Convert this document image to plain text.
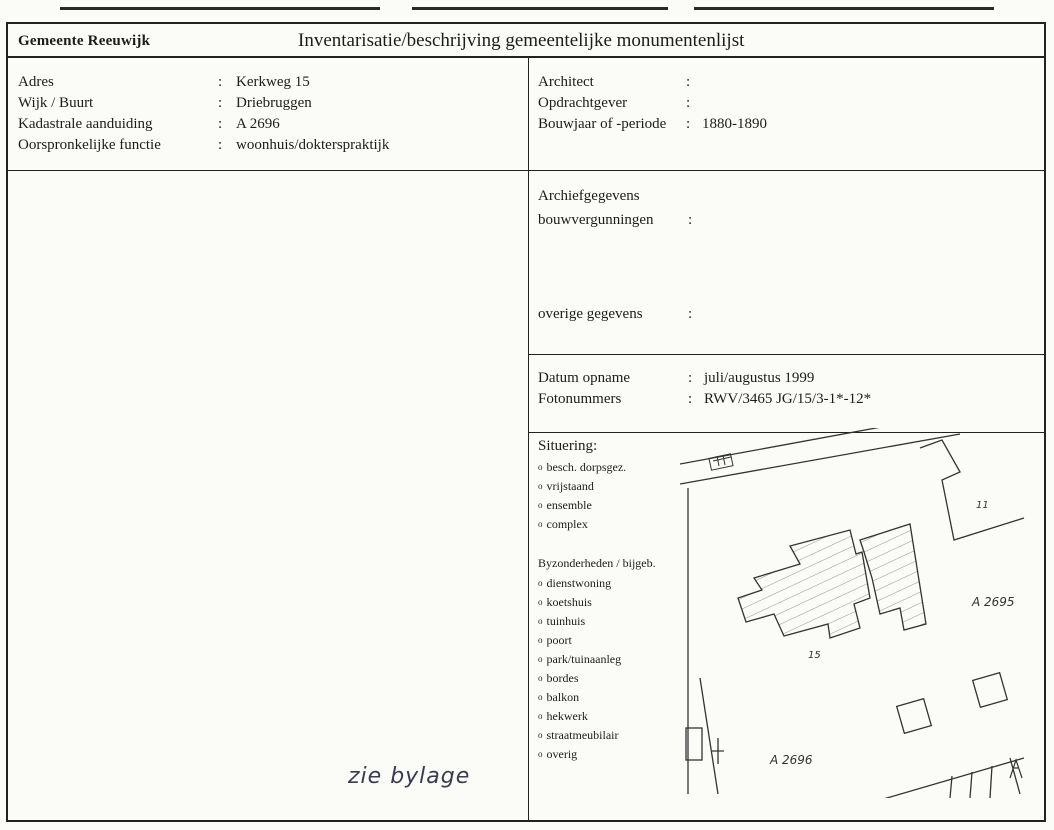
Gemeente Reeuwijk	Inventarisatie/beschrijving gemeentelijke monumentenlijst
Adres	: Kerkweg 15
Wijk / Buurt	: Driebruggen
Kadastrale aanduiding	: A 2696
Oorspronkelijke functie	: woonhuis/dokterspraktijk
Architect	:
Opdrachtgever	:
Bouwjaar of -periode : 1880-1890
Archiefgegevens
bouwvergunningen :
overige gegevens	:
Datum opname	: juli/augustus 1999
Fotonummers	: RWV/3465 JG/15/3-1*-12*
Situering:
o besch. dorpsgez.
o vrijstaand
o ensemble
o complex
Byzonderheden / bijgeb.
o dienstwoning
o koetshuis
o tuinhuis
o poort
o park/tuinaanleg
o bordes
o balkon
o hekwerk
o straatmeubilair
o overig
zie bylage
11
A 2695
15
A 2696
